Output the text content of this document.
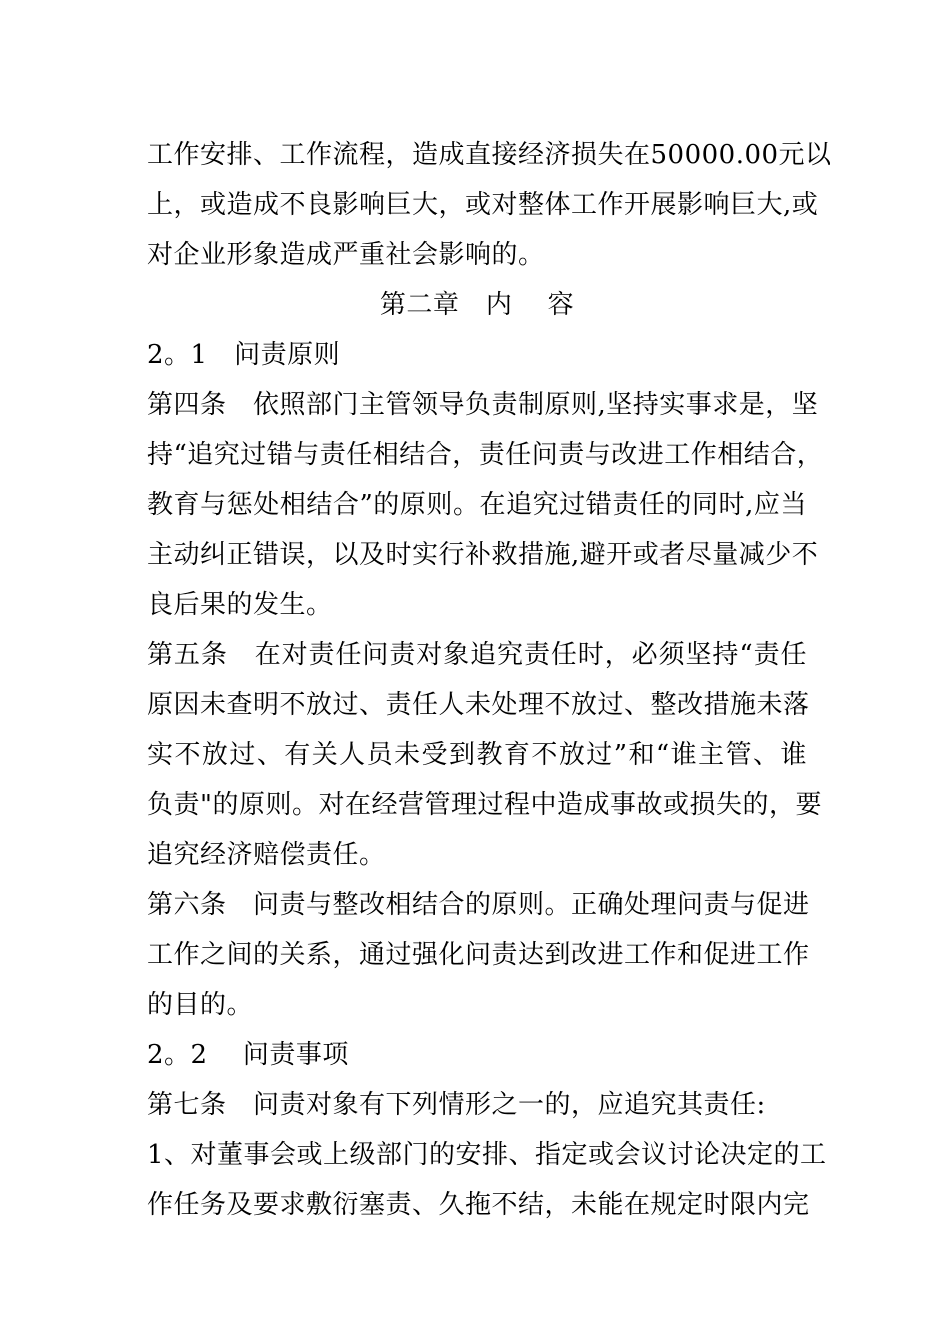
工作安排、工作流程，造成直接经济损失在50000.00元以
上，或造成不良影响巨大，或对整体工作开展影响巨大,或
对企业形象造成严重社会影响的。
第二章　内　 容
2。1　问责原则
第四条　依照部门主管领导负责制原则,坚持实事求是，坚
持“追究过错与责任相结合，责任问责与改进工作相结合，
教育与惩处相结合”的原则。在追究过错责任的同时,应当
主动纠正错误，以及时实行补救措施,避开或者尽量减少不
良后果的发生。
第五条　在对责任问责对象追究责任时，必须坚持“责任
原因未查明不放过、责任人未处理不放过、整改措施未落
实不放过、有关人员未受到教育不放过”和“谁主管、谁
负责"的原则。对在经营管理过程中造成事故或损失的，要
追究经济赔偿责任。
第六条　问责与整改相结合的原则。正确处理问责与促进
工作之间的关系，通过强化问责达到改进工作和促进工作
的目的。
2。2　 问责事项
第七条　问责对象有下列情形之一的，应追究其责任:
1、对董事会或上级部门的安排、指定或会议讨论决定的工
作任务及要求敷衍塞责、久拖不结，未能在规定时限内完
